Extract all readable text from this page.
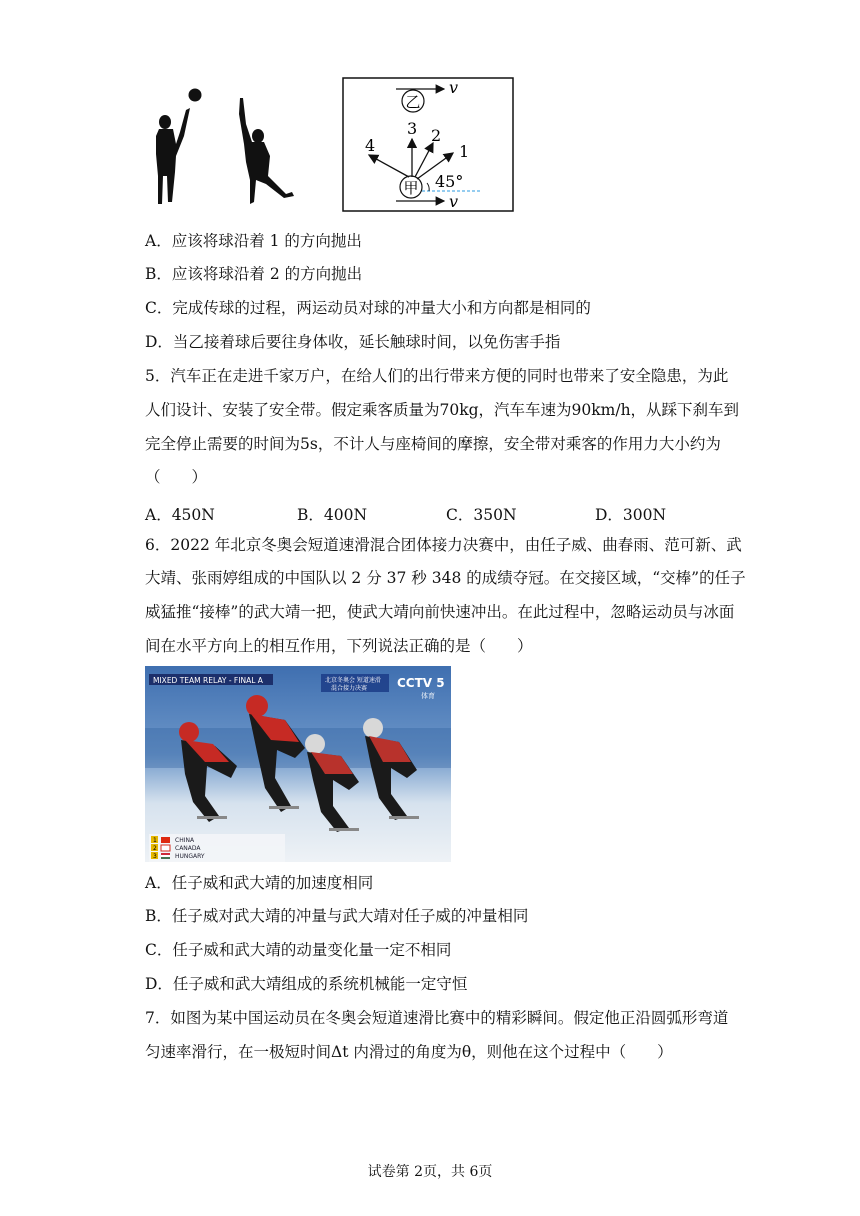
乙
v
4
3 2
1
甲 45°
v
A．应该将球沿着 1 的方向抛出
B．应该将球沿着 2 的方向抛出
C．完成传球的过程，两运动员对球的冲量大小和方向都是相同的
D．当乙接着球后要往身体收，延长触球时间，以免伤害手指
5．汽车正在走进千家万户，在给人们的出行带来方便的同时也带来了安全隐患，为此
人们设计、安装了安全带。假定乘客质量为70kg，汽车车速为90km/h，从踩下刹车到
完全停止需要的时间为5s，不计人与座椅间的摩擦，安全带对乘客的作用力大小约为
（　　）
A．450N	B．400N	C．350N	D．300N
6．2022 年北京冬奥会短道速滑混合团体接力决赛中，由任子威、曲春雨、范可新、武
大靖、张雨婷组成的中国队以 2 分 37 秒 348 的成绩夺冠。在交接区域，“交棒”的任子
威猛推“接棒”的武大靖一把，使武大靖向前快速冲出。在此过程中，忽略运动员与冰面
间在水平方向上的相互作用，下列说法正确的是（　　）
MIXED TEAM RELAY - FINAL A	北京冬奥会 短道速滑
混合接力决赛 CCTV 5
体育
1	CHINA
2	CANADA
3	HUNGARY
A．任子威和武大靖的加速度相同
B．任子威对武大靖的冲量与武大靖对任子威的冲量相同
C．任子威和武大靖的动量变化量一定不相同
D．任子威和武大靖组成的系统机械能一定守恒
7．如图为某中国运动员在冬奥会短道速滑比赛中的精彩瞬间。假定他正沿圆弧形弯道
匀速率滑行，在一极短时间Δt 内滑过的角度为θ，则他在这个过程中（　　）
试卷第 2页，共 6页
